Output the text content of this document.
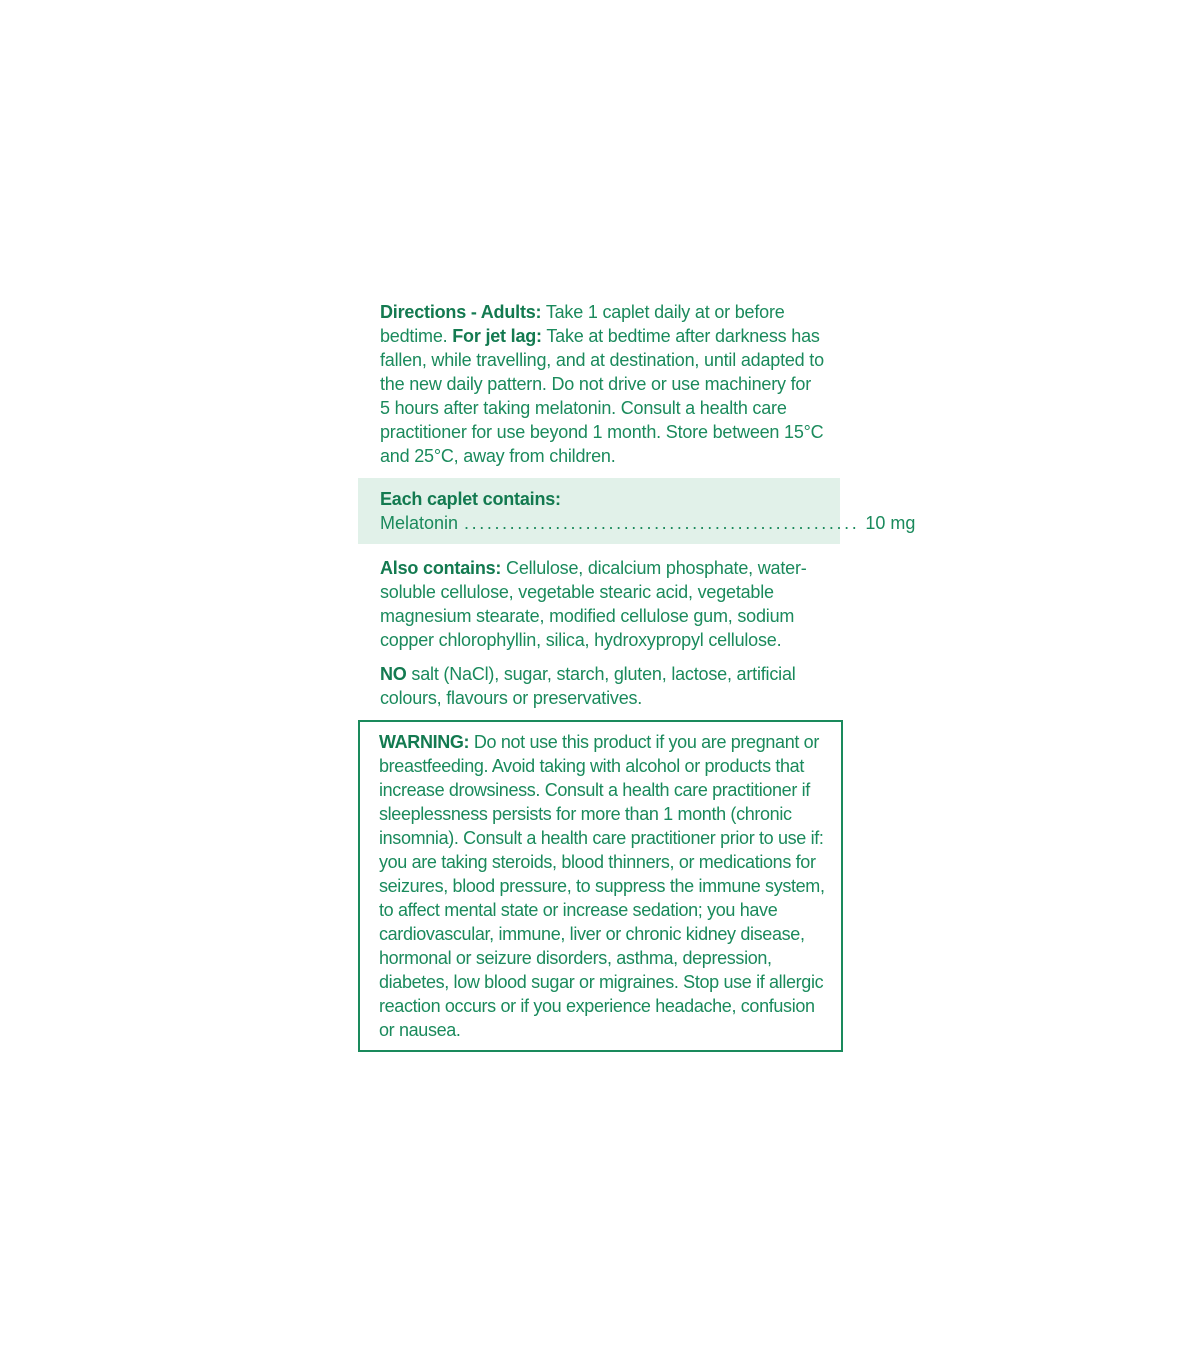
Directions - Adults: Take 1 caplet daily at or before bedtime. For jet lag: Take at bedtime after darkness has fallen, while travelling, and at destination, until adapted to the new daily pattern. Do not drive or use machinery for 5 hours after taking melatonin. Consult a health care practitioner for use beyond 1 month. Store between 15°C and 25°C, away from children.

Each caplet contains:
Melatonin .................................................... 10 mg

Also contains: Cellulose, dicalcium phosphate, water-soluble cellulose, vegetable stearic acid, vegetable magnesium stearate, modified cellulose gum, sodium copper chlorophyllin, silica, hydroxypropyl cellulose.

NO salt (NaCl), sugar, starch, gluten, lactose, artificial colours, flavours or preservatives.

WARNING: Do not use this product if you are pregnant or breastfeeding. Avoid taking with alcohol or products that increase drowsiness. Consult a health care practitioner if sleeplessness persists for more than 1 month (chronic insomnia). Consult a health care practitioner prior to use if: you are taking steroids, blood thinners, or medications for seizures, blood pressure, to suppress the immune system, to affect mental state or increase sedation; you have cardiovascular, immune, liver or chronic kidney disease, hormonal or seizure disorders, asthma, depression, diabetes, low blood sugar or migraines. Stop use if allergic reaction occurs or if you experience headache, confusion or nausea.
